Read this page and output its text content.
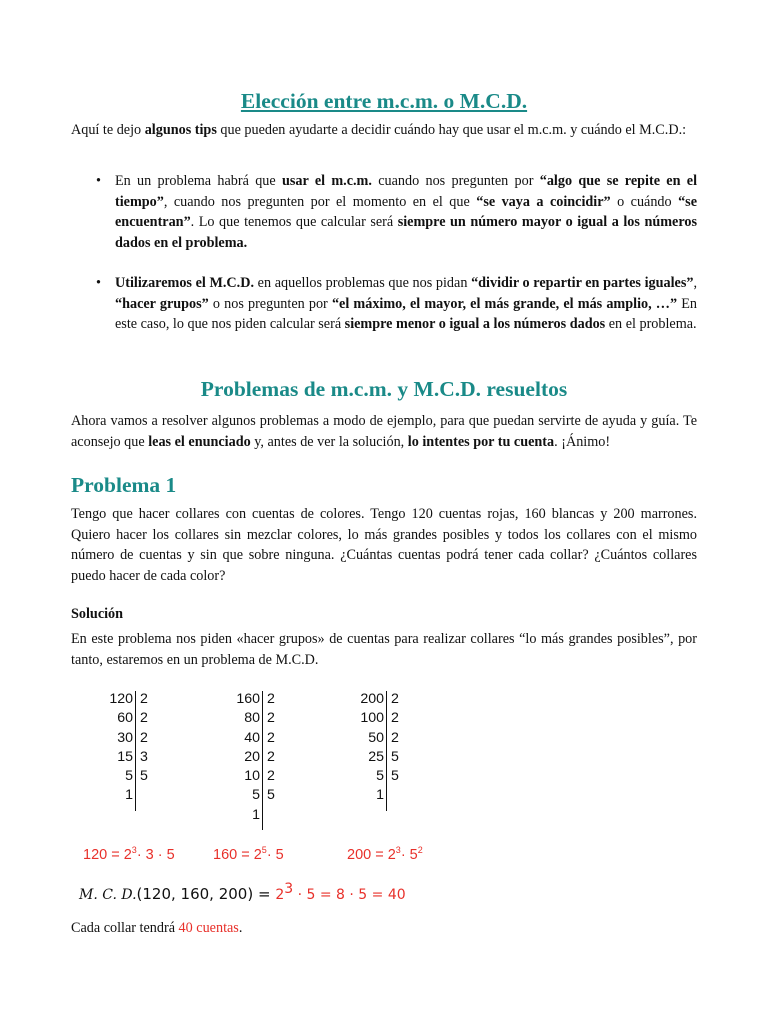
Elección entre m.c.m. o M.C.D.

Aquí te dejo algunos tips que pueden ayudarte a decidir cuándo hay que usar el m.c.m. y cuándo el M.C.D.:

• En un problema habrá que usar el m.c.m. cuando nos pregunten por “algo que se repite en el tiempo”, cuando nos pregunten por el momento en el que “se vaya a coincidir” o cuándo “se encuentran”. Lo que tenemos que calcular será siempre un número mayor o igual a los números dados en el problema.
• Utilizaremos el M.C.D. en aquellos problemas que nos pidan “dividir o repartir en partes iguales”, “hacer grupos” o nos pregunten por “el máximo, el mayor, el más grande, el más amplio, …” En este caso, lo que nos piden calcular será siempre menor o igual a los números dados en el problema.
Problemas de m.c.m. y M.C.D. resueltos

Ahora vamos a resolver algunos problemas a modo de ejemplo, para que puedan servirte de ayuda y guía. Te aconsejo que leas el enunciado y, antes de ver la solución, lo intentes por tu cuenta. ¡Ánimo!

Problema 1

Tengo que hacer collares con cuentas de colores. Tengo 120 cuentas rojas, 160 blancas y 200 marrones. Quiero hacer los collares sin mezclar colores, lo más grandes posibles y todos los collares con el mismo número de cuentas y sin que sobre ninguna. ¿Cuántas cuentas podrá tener cada collar? ¿Cuántos collares puedo hacer de cada color?

Solución

En este problema nos piden «hacer grupos» de cuentas para realizar collares “lo más grandes posibles”, por tanto, estaremos en un problema de M.C.D.

120
60
30
15
5
1
2
2
2
3
5
160
80
40
20
10
5
1
2
2
2
2
2
5
200
100
50
25
5
1
2
2
2
5
5
$120 = 2^3\cdot 3 \cdot 5$	$160 = 2^5\cdot 5$	$200 = 2^3\cdot 5^2$
M. C. D.(120, 160, $200) = 2^3 \cdot 5 = 8 \cdot 5 = 40$

Cada collar tendrá 40 cuentas.
